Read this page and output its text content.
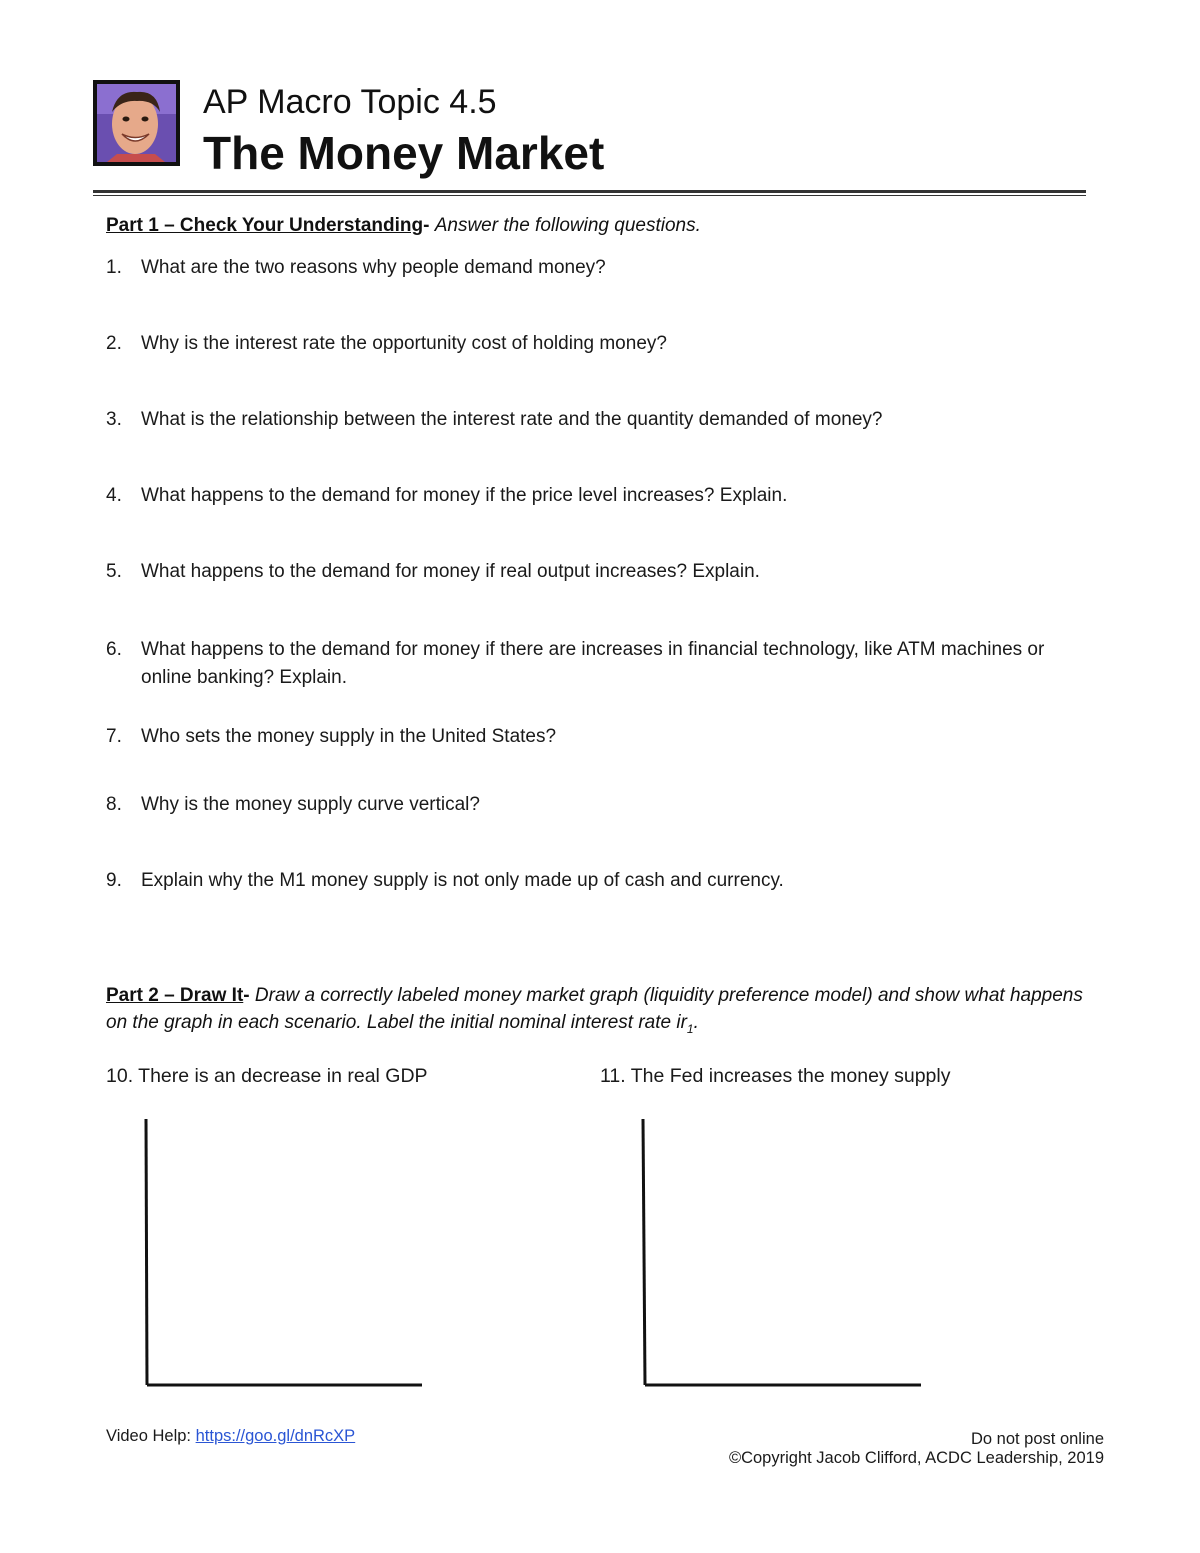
AP Macro Topic 4.5
The Money Market
Part 1 – Check Your Understanding- Answer the following questions.
1. What are the two reasons why people demand money?
2. Why is the interest rate the opportunity cost of holding money?
3. What is the relationship between the interest rate and the quantity demanded of money?
4. What happens to the demand for money if the price level increases? Explain.
5. What happens to the demand for money if real output increases? Explain.
6. What happens to the demand for money if there are increases in financial technology, like ATM machines or online banking? Explain.
7. Who sets the money supply in the United States?
8. Why is the money supply curve vertical?
9. Explain why the M1 money supply is not only made up of cash and currency.
Part 2 – Draw It- Draw a correctly labeled money market graph (liquidity preference model) and show what happens on the graph in each scenario. Label the initial nominal interest rate $ir_1$.
10. There is an decrease in real GDP	11. The Fed increases the money supply
Video Help: https://goo.gl/dnRcXP	Do not post online
©Copyright Jacob Clifford, ACDC Leadership, 2019
